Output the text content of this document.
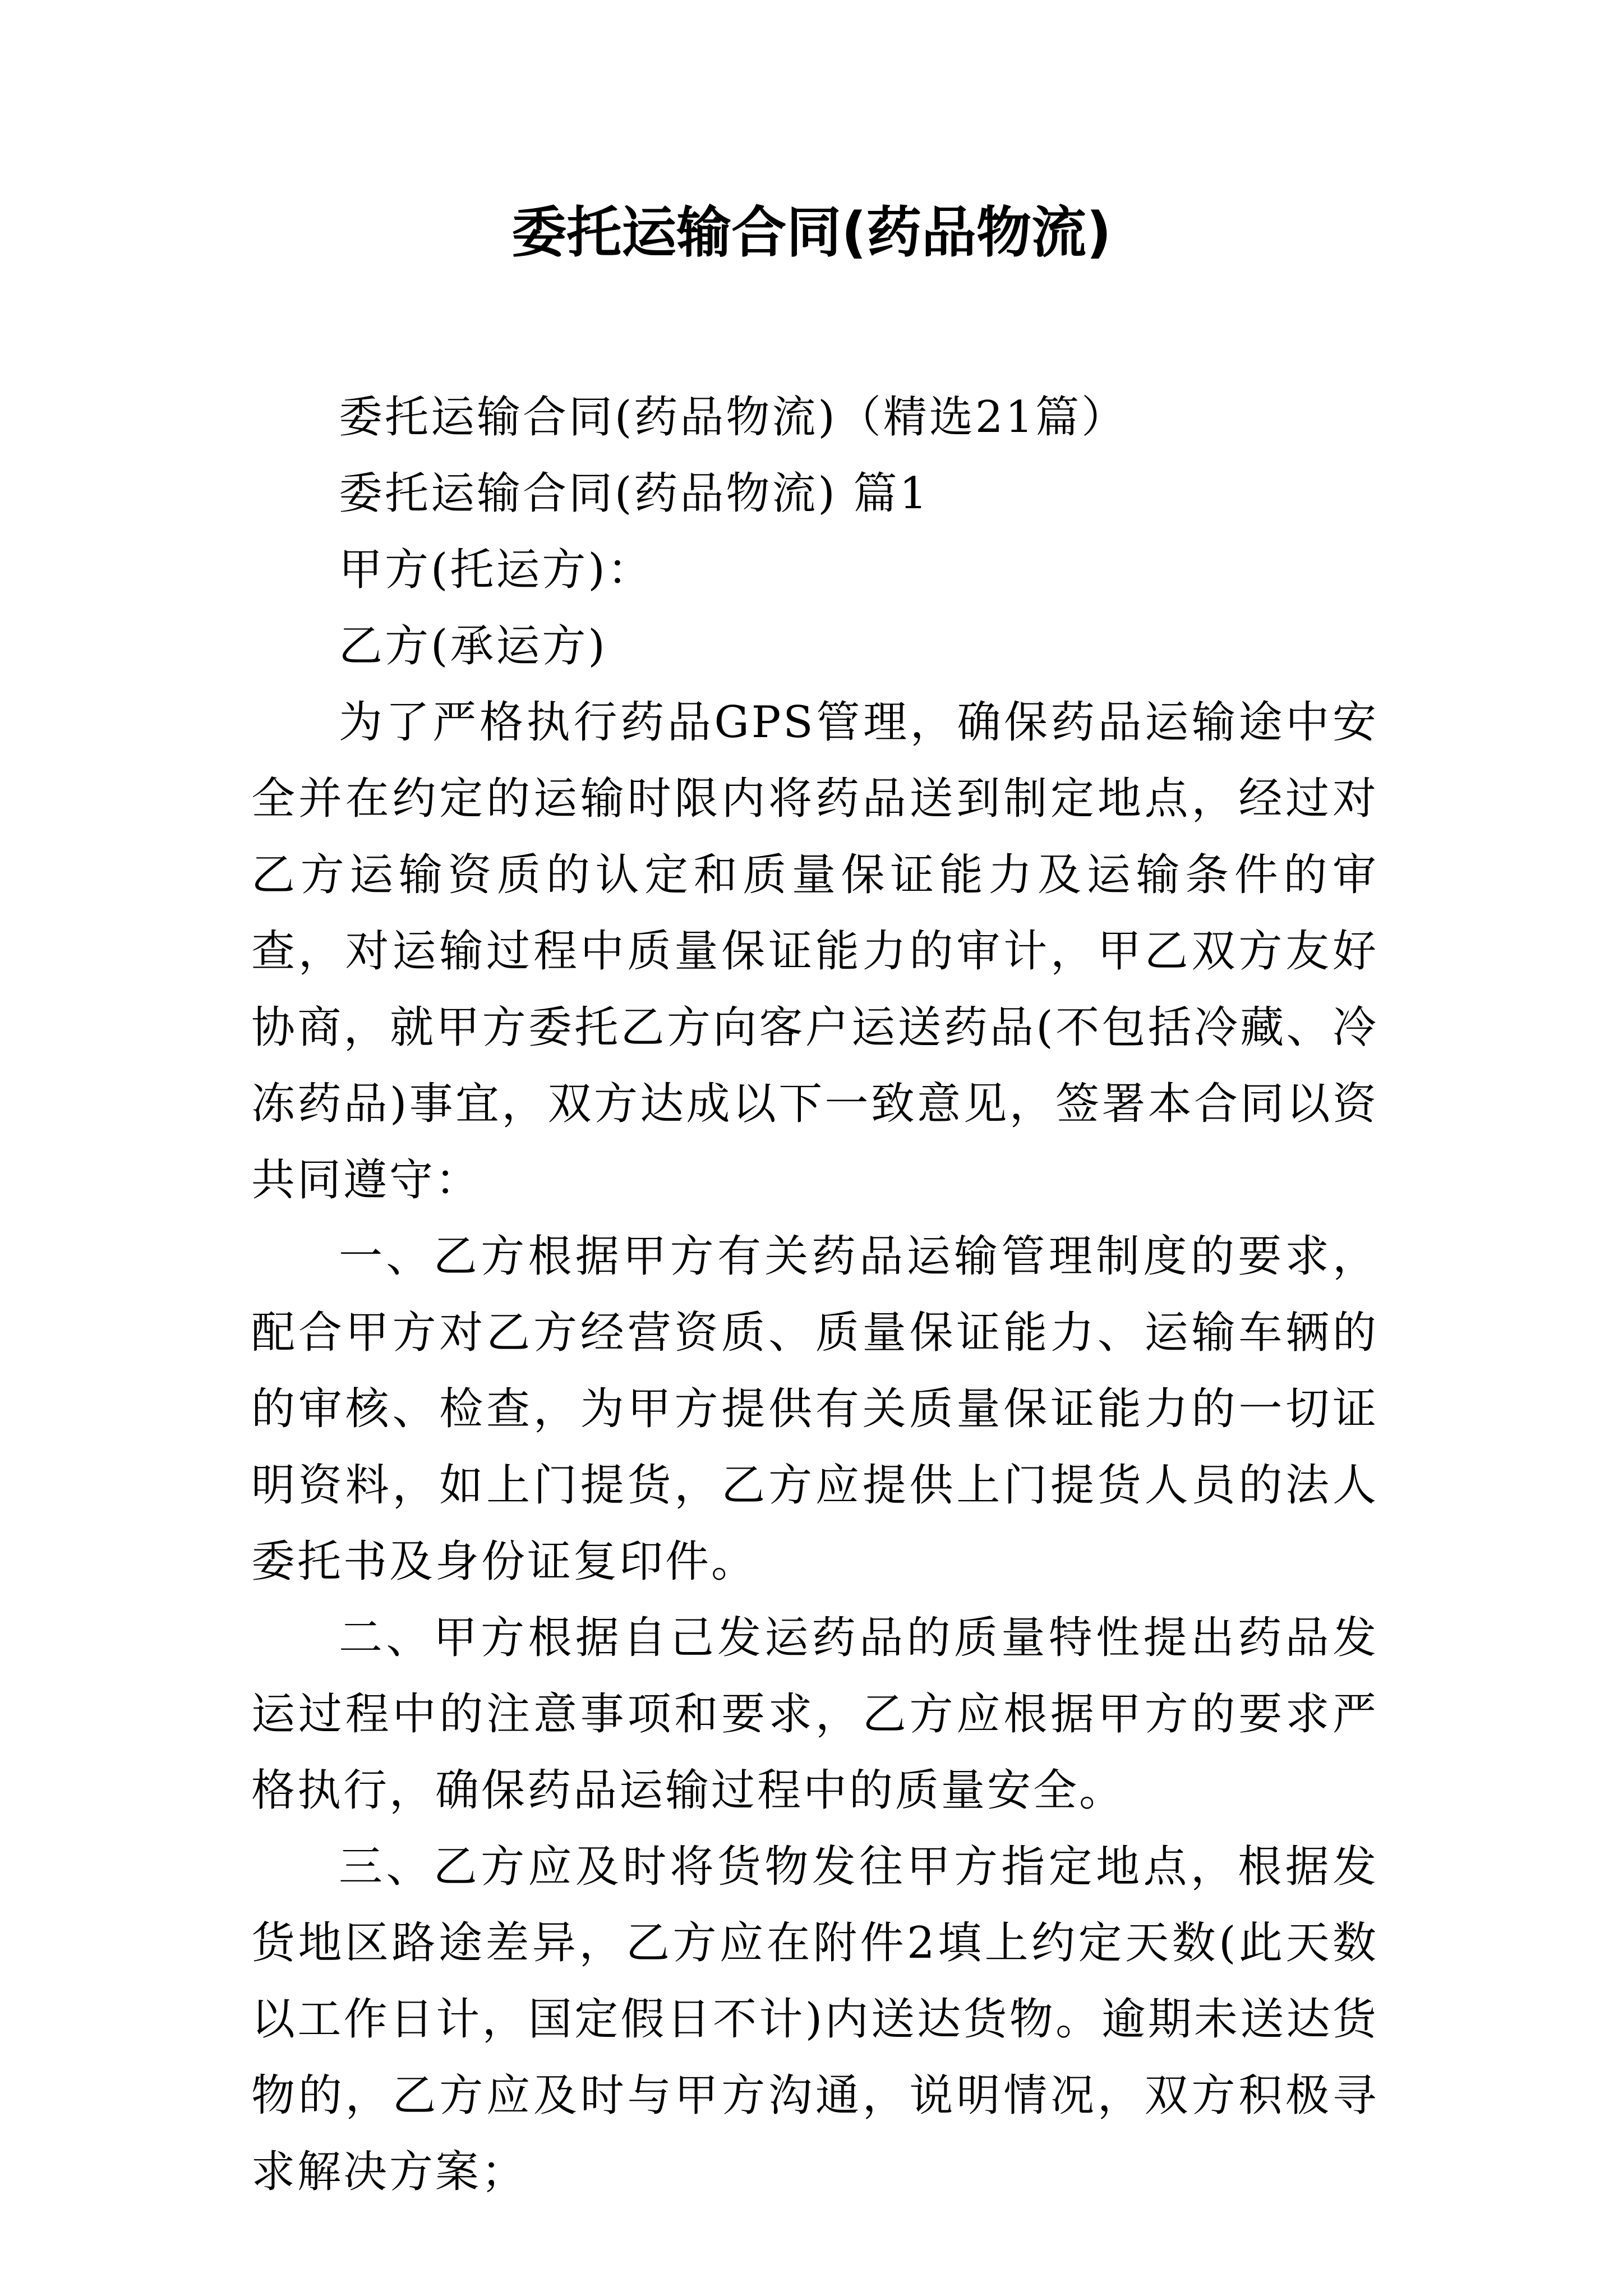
委托运输合同(药品物流)

委托运输合同(药品物流)（精选21篇）

委托运输合同(药品物流) 篇1

甲方(托运方)：

乙方(承运方)

为了严格执行药品GPS管理，确保药品运输途中安全并在约定的运输时限内将药品送到制定地点，经过对乙方运输资质的认定和质量保证能力及运输条件的审查，对运输过程中质量保证能力的审计，甲乙双方友好协商，就甲方委托乙方向客户运送药品(不包括冷藏、冷冻药品)事宜，双方达成以下一致意见，签署本合同以资共同遵守：

一、乙方根据甲方有关药品运输管理制度的要求，配合甲方对乙方经营资质、质量保证能力、运输车辆的的审核、检查，为甲方提供有关质量保证能力的一切证明资料，如上门提货，乙方应提供上门提货人员的法人委托书及身份证复印件。

二、甲方根据自己发运药品的质量特性提出药品发运过程中的注意事项和要求，乙方应根据甲方的要求严格执行，确保药品运输过程中的质量安全。

三、乙方应及时将货物发往甲方指定地点，根据发货地区路途差异，乙方应在附件2填上约定天数(此天数以工作日计，国定假日不计)内送达货物。逾期未送达货物的，乙方应及时与甲方沟通，说明情况，双方积极寻求解决方案；
